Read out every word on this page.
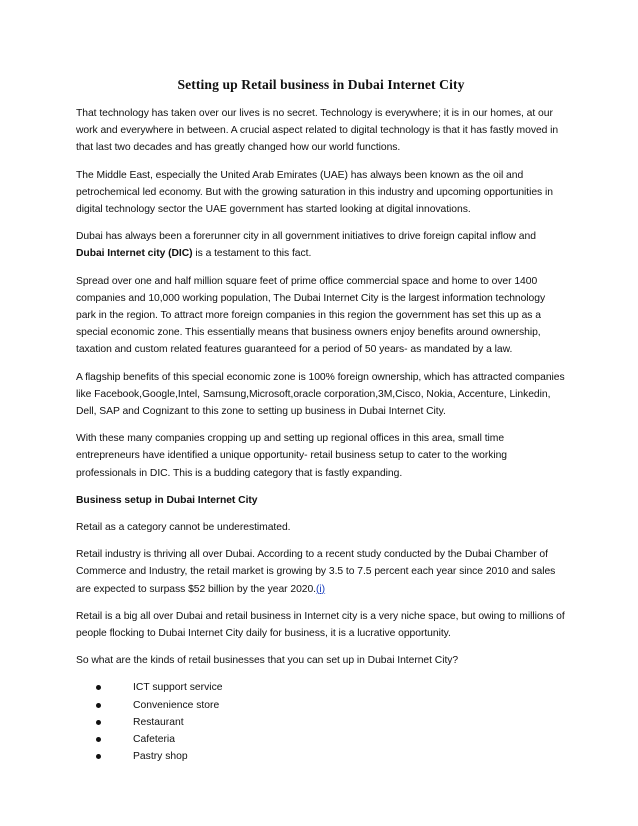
Setting up Retail business in Dubai Internet City

That technology has taken over our lives is no secret. Technology is everywhere; it is in our homes, at our work and everywhere in between. A crucial aspect related to digital technology is that it has fastly moved in that last two decades and has greatly changed how our world functions.

The Middle East, especially the United Arab Emirates (UAE) has always been known as the oil and petrochemical led economy. But with the growing saturation in this industry and upcoming opportunities in digital technology sector the UAE government has started looking at digital innovations.

Dubai has always been a forerunner city in all government initiatives to drive foreign capital inflow and Dubai Internet city (DIC) is a testament to this fact.

Spread over one and half million square feet of prime office commercial space and home to over 1400 companies and 10,000 working population, The Dubai Internet City is the largest information technology park in the region. To attract more foreign companies in this region the government has set this up as a special economic zone. This essentially means that business owners enjoy benefits around ownership, taxation and custom related features guaranteed for a period of 50 years- as mandated by a law.

A flagship benefits of this special economic zone is 100% foreign ownership, which has attracted companies like Facebook,Google,Intel, Samsung,Microsoft,oracle corporation,3M,Cisco, Nokia, Accenture, Linkedin, Dell, SAP and Cognizant to this zone to setting up business in Dubai Internet City.

With these many companies cropping up and setting up regional offices in this area, small time entrepreneurs have identified a unique opportunity- retail business setup to cater to the working professionals in DIC. This is a budding category that is fastly expanding.

Business setup in Dubai Internet City

Retail as a category cannot be underestimated.

Retail industry is thriving all over Dubai. According to a recent study conducted by the Dubai Chamber of Commerce and Industry, the retail market is growing by 3.5 to 7.5 percent each year since 2010 and sales are expected to surpass $52 billion by the year 2020.(i)

Retail is a big all over Dubai and retail business in Internet city is a very niche space, but owing to millions of people flocking to Dubai Internet City daily for business, it is a lucrative opportunity.

So what are the kinds of retail businesses that you can set up in Dubai Internet City?

ICT support service
Convenience store
Restaurant
Cafeteria
Pastry shop
